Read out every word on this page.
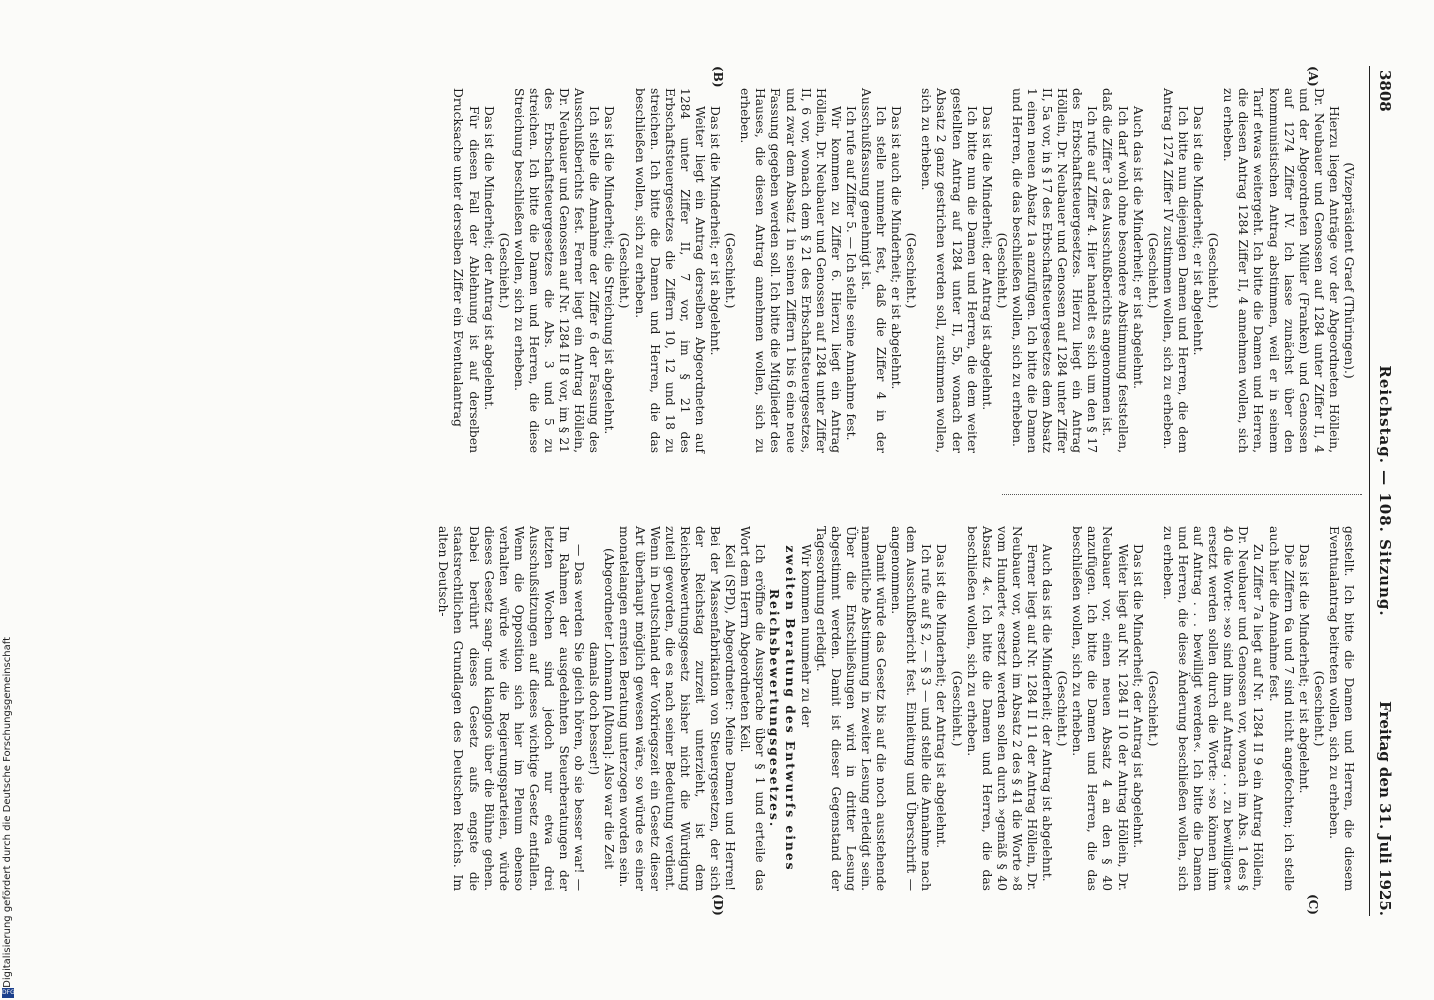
3808
Reichstag. — 108. Sitzung.
Freitag den 31. Juli 1925.
(A)
(B)
(C)
(D)

(Vizepräsident Graef (Thüringen).)

Hierzu liegen Anträge vor der Abgeordneten Höllein, Dr. Neubauer und Genossen auf 1284 unter Ziffer II, 4 und der Abgeordneten Müller (Franken) und Genossen auf 1274 Ziffer IV. Ich lasse zunächst über den kommunistischen Antrag abstimmen, weil er in seinem Tarif etwas weitergeht. Ich bitte die Damen und Herren, die diesen Antrag 1284 Ziffer II, 4 annehmen wollen, sich zu erheben.

(Geschieht.)

Das ist die Minderheit; er ist abgelehnt.

Ich bitte nun diejenigen Damen und Herren, die dem Antrag 1274 Ziffer IV zustimmen wollen, sich zu erheben.

(Geschieht.)

Auch das ist die Minderheit; er ist abgelehnt.

Ich darf wohl ohne besondere Abstimmung feststellen, daß die Ziffer 3 des Ausschußberichts angenommen ist.

Ich rufe auf Ziffer 4. Hier handelt es sich um den § 17 des Erbschaftsteuergesetzes. Hierzu liegt ein Antrag Höllein, Dr. Neubauer und Genossen auf 1284 unter Ziffer II, 5a vor, in § 17 des Erbschaftsteuergesetzes dem Absatz 1 einen neuen Absatz 1a anzufügen. Ich bitte die Damen und Herren, die das beschließen wollen, sich zu erheben.

(Geschieht.)

Das ist die Minderheit; der Antrag ist abgelehnt.

Ich bitte nun die Damen und Herren, die dem weiter gestellten Antrag auf 1284 unter II, 5b, wonach der Absatz 2 ganz gestrichen werden soll, zustimmen wollen, sich zu erheben.

(Geschieht.)

Das ist auch die Minderheit; er ist abgelehnt.

Ich stelle nunmehr fest, daß die Ziffer 4 in der Ausschußfassung genehmigt ist.

Ich rufe auf Ziffer 5. — Ich stelle seine Annahme fest.

Wir kommen zu Ziffer 6. Hierzu liegt ein Antrag Höllein, Dr. Neubauer und Genossen auf 1284 unter Ziffer II, 6 vor, wonach dem § 21 des Erbschaftsteuergesetzes, und zwar dem Absatz 1 in seinen Ziffern 1 bis 6 eine neue Fassung gegeben werden soll. Ich bitte die Mitglieder des Hauses, die diesen Antrag annehmen wollen, sich zu erheben.

(Geschieht.)

Das ist die Minderheit; er ist abgelehnt.

Weiter liegt ein Antrag derselben Abgeordneten auf 1284 unter Ziffer II, 7 vor, im § 21 des Erbschaftsteuergesetzes die Ziffern 10, 12 und 18 zu streichen. Ich bitte die Damen und Herren, die das beschließen wollen, sich zu erheben.

(Geschieht.)

Das ist die Minderheit; die Streichung ist abgelehnt.

Ich stelle die Annahme der Ziffer 6 der Fassung des Ausschußberichts fest. Ferner liegt ein Antrag Höllein, Dr. Neubauer und Genossen auf Nr. 1284 II 8 vor, im § 21 des Erbschaftsteuergesetzes die Abs. 3 und 5 zu streichen. Ich bitte die Damen und Herren, die diese Streichung beschließen wollen, sich zu erheben.

(Geschieht.)

Das ist die Minderheit; der Antrag ist abgelehnt.

Für diesen Fall der Ablehnung ist auf derselben Drucksache unter derselben Ziffer ein Eventualantrag

gestellt. Ich bitte die Damen und Herren, die diesem Eventualantrag beitreten wollen, sich zu erheben.

(Geschieht.)

Das ist die Minderheit; er ist abgelehnt.

Die Ziffern 6a und 7 sind nicht angefochten; ich stelle auch hier die Annahme fest.

Zu Ziffer 7a liegt auf Nr. 1284 II 9 ein Antrag Höllein, Dr. Neubauer und Genossen vor, wonach im Abs. 1 des § 40 die Worte: »so sind ihm auf Antrag . . . zu bewilligen« ersetzt werden sollen durch die Worte: »so können ihm auf Antrag . . . bewilligt werden«. Ich bitte die Damen und Herren, die diese Änderung beschließen wollen, sich zu erheben.

(Geschieht.)

Das ist die Minderheit; der Antrag ist abgelehnt.

Weiter liegt auf Nr. 1284 II 10 der Antrag Höllein, Dr. Neubauer vor, einen neuen Absatz 4 an den § 40 anzufügen. Ich bitte die Damen und Herren, die das beschließen wollen, sich zu erheben.

(Geschieht.)

Auch das ist die Minderheit; der Antrag ist abgelehnt.

Ferner liegt auf Nr. 1284 II 11 der Antrag Höllein, Dr. Neubauer vor, wonach im Absatz 2 des § 41 die Worte »8 vom Hundert« ersetzt werden sollen durch »gemäß § 40 Absatz 4«. Ich bitte die Damen und Herren, die das beschließen wollen, sich zu erheben.

(Geschieht.)

Das ist die Minderheit; der Antrag ist abgelehnt.

Ich rufe auf § 2, — § 3 — und stelle die Annahme nach dem Ausschußbericht fest. Einleitung und Überschrift — angenommen.

Damit würde das Gesetz bis auf die noch ausstehende namentliche Abstimmung in zweiter Lesung erledigt sein. Über die Entschließungen wird in dritter Lesung abgestimmt werden. Damit ist dieser Gegenstand der Tagesordnung erledigt.

Wir kommen nunmehr zu der

zweiten Beratung des Entwurfs eines Reichsbewertungsgesetzes.

Ich eröffne die Aussprache über § 1 und erteile das Wort dem Herrn Abgeordneten Keil.

Keil (SPD), Abgeordneter: Meine Damen und Herren! Bei der Massenfabrikation von Steuergesetzen, der sich der Reichstag zurzeit unterzieht, ist dem Reichsbewertungsgesetz bisher nicht die Würdigung zuteil geworden, die es nach seiner Bedeutung verdient. Wenn in Deutschland der Vorkriegszeit ein Gesetz dieser Art überhaupt möglich gewesen wäre, so würde es einer monatelangen ernsten Beratung unterzogen worden sein.

(Abgeordneter Lohmann [Altona]: Also war die Zeit damals doch besser!)

— Das werden Sie gleich hören, ob sie besser war! — Im Rahmen der ausgedehnten Steuerberatungen der letzten Wochen sind jedoch nur etwa drei Ausschußsitzungen auf dieses wichtige Gesetz entfallen. Wenn die Opposition sich hier im Plenum ebenso verhalten würde wie die Regierungsparteien, würde dieses Gesetz sang- und klanglos über die Bühne gehen. Dabei berührt dieses Gesetz aufs engste die staatsrechtlichen Grundlagen des Deutschen Reichs. Im alten Deutsch-

Digitalisierung gefördert durch die Deutsche Forschungsgemeinschaft
DFG
